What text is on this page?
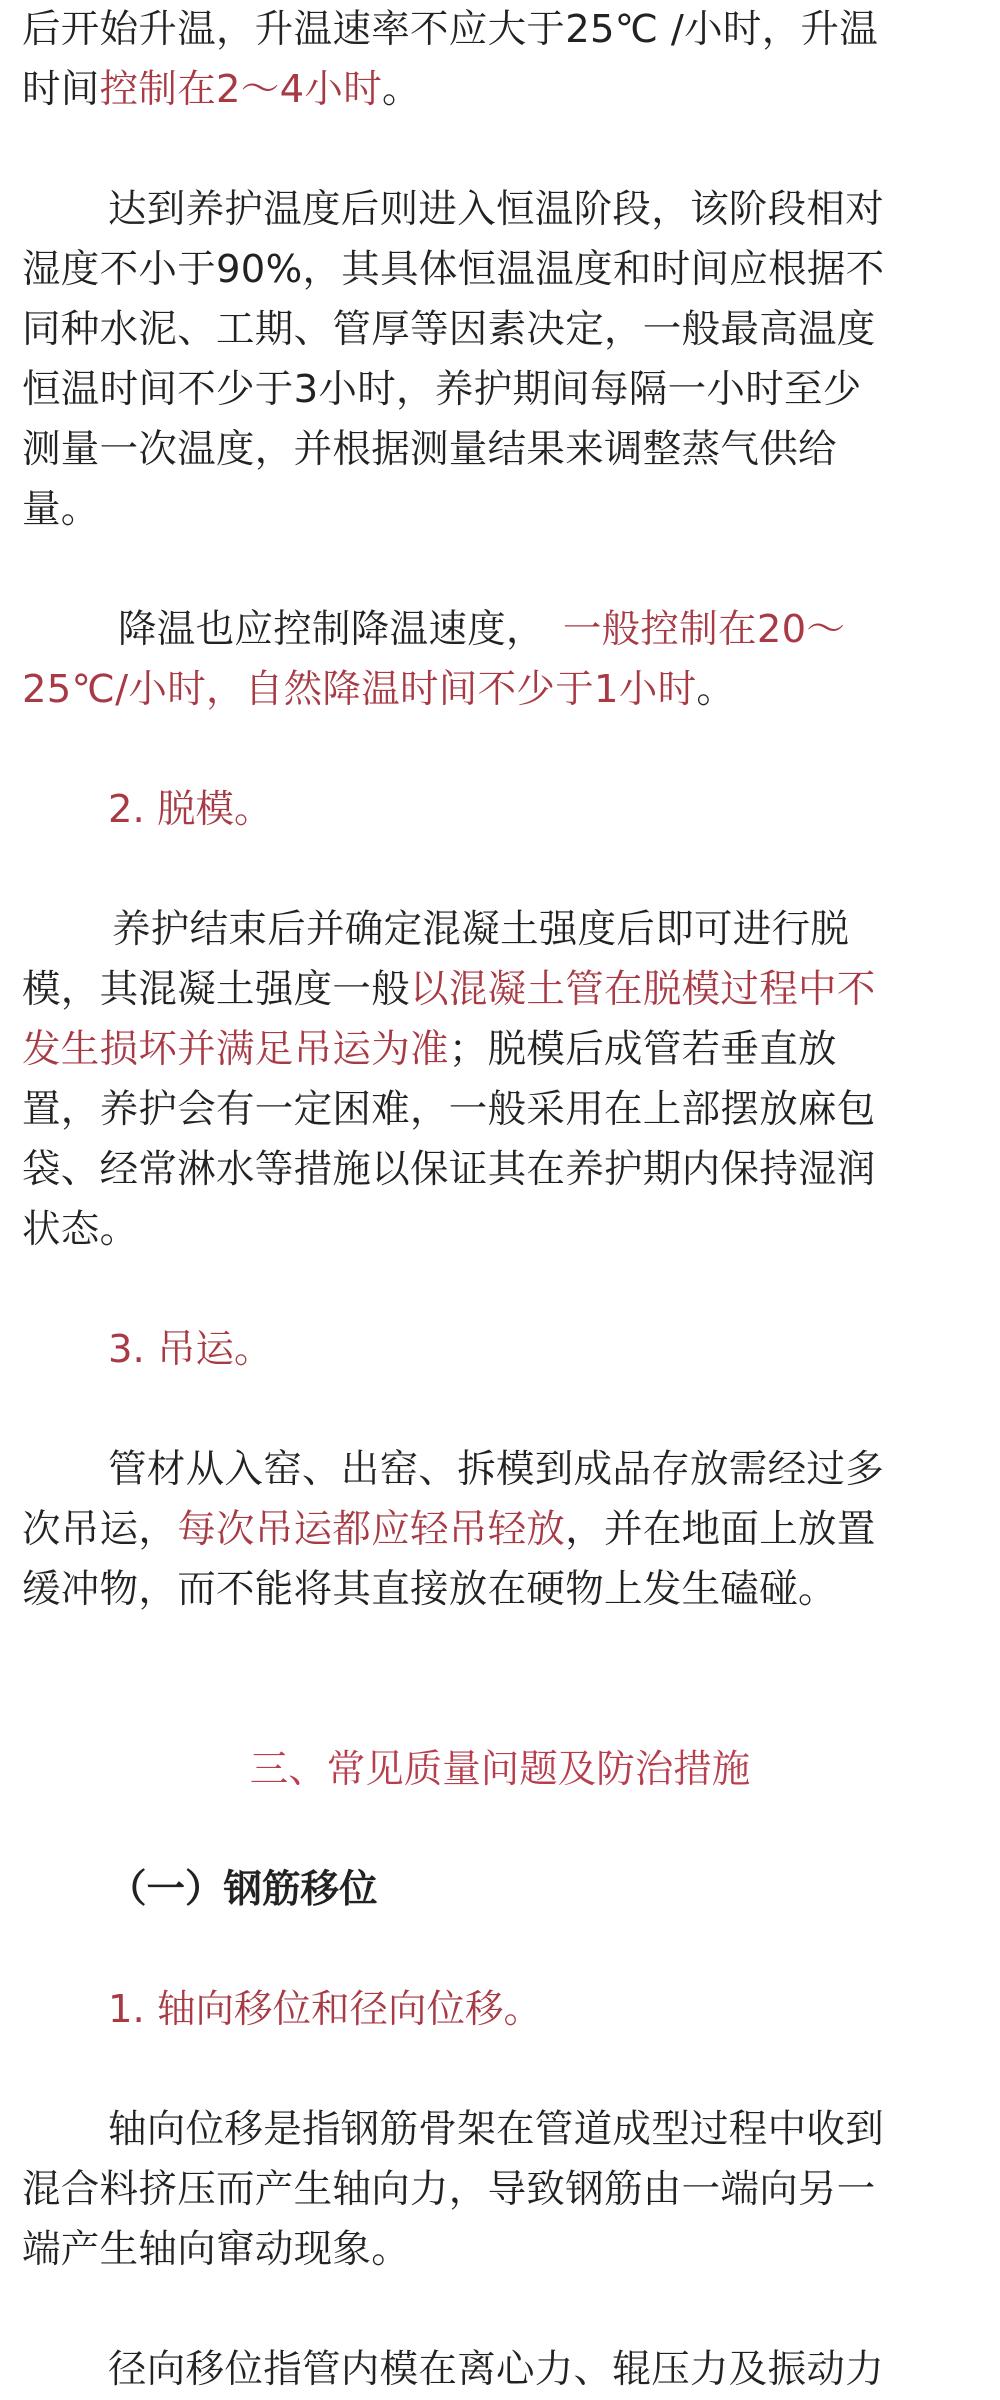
后开始升温，升温速率不应大于25℃ /小时，升温
时间控制在2～4小时。
达到养护温度后则进入恒温阶段，该阶段相对
湿度不小于90%，其具体恒温温度和时间应根据不
同种水泥、工期、管厚等因素决定，一般最高温度
恒温时间不少于3小时，养护期间每隔一小时至少
测量一次温度，并根据测量结果来调整蒸气供给
量。
降温也应控制降温速度， 一般控制在20～
25℃/小时，自然降温时间不少于1小时。
2. 脱模。
养护结束后并确定混凝土强度后即可进行脱
模，其混凝土强度一般以混凝土管在脱模过程中不
发生损坏并满足吊运为准；脱模后成管若垂直放
置，养护会有一定困难，一般采用在上部摆放麻包
袋、经常淋水等措施以保证其在养护期内保持湿润
状态。
3. 吊运。
管材从入窑、出窑、拆模到成品存放需经过多
次吊运，每次吊运都应轻吊轻放，并在地面上放置
缓冲物，而不能将其直接放在硬物上发生磕碰。
三、常见质量问题及防治措施
（一）钢筋移位
1. 轴向移位和径向位移。
轴向位移是指钢筋骨架在管道成型过程中收到
混合料挤压而产生轴向力，导致钢筋由一端向另一
端产生轴向窜动现象。
径向移位指管内模在离心力、辊压力及振动力
